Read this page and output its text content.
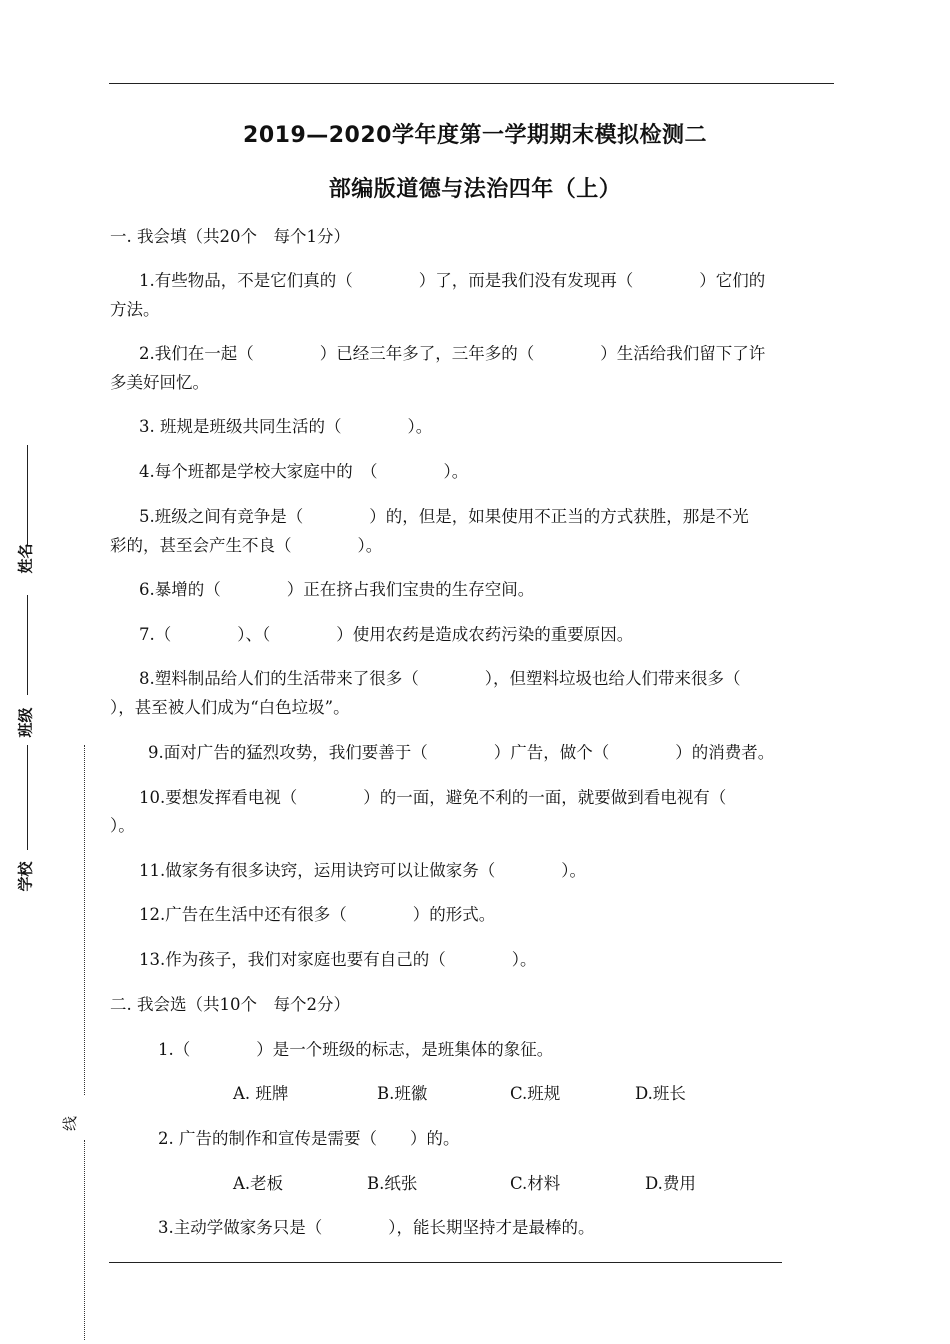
姓名
班级
学校
线
2019—2020学年度第一学期期末模拟检测二
部编版道德与法治四年（上）
一. 我会填（共20个　每个1分）
1.有些物品，不是它们真的（　　　　）了，而是我们没有发现再（　　　　）它们的
方法。
2.我们在一起（　　　　）已经三年多了，三年多的（　　　　）生活给我们留下了许
多美好回忆。
3. 班规是班级共同生活的（　　　　）。
4.每个班都是学校大家庭中的　（　　　　）。
5.班级之间有竞争是（　　　　）的，但是，如果使用不正当的方式获胜，那是不光
彩的，甚至会产生不良（　　　　）。
6.暴增的（　　　　）正在挤占我们宝贵的生存空间。
7.（　　　　）、（　　　　）使用农药是造成农药污染的重要原因。
8.塑料制品给人们的生活带来了很多（　　　　），但塑料垃圾也给人们带来很多（
），甚至被人们成为“白色垃圾”。
9.面对广告的猛烈攻势，我们要善于（　　　　）广告，做个（　　　　）的消费者。
10.要想发挥看电视（　　　　）的一面，避免不利的一面，就要做到看电视有（
）。
11.做家务有很多诀窍，运用诀窍可以让做家务（　　　　）。
12.广告在生活中还有很多（　　　　）的形式。
13.作为孩子，我们对家庭也要有自己的（　　　　）。
二. 我会选（共10个　每个2分）
1.（　　　　）是一个班级的标志，是班集体的象征。
A. 班牌	B.班徽	C.班规	D.班长
2. 广告的制作和宣传是需要（　　）的。
A.老板	B.纸张	C.材料	D.费用
3.主动学做家务只是（　　　　），能长期坚持才是最棒的。
